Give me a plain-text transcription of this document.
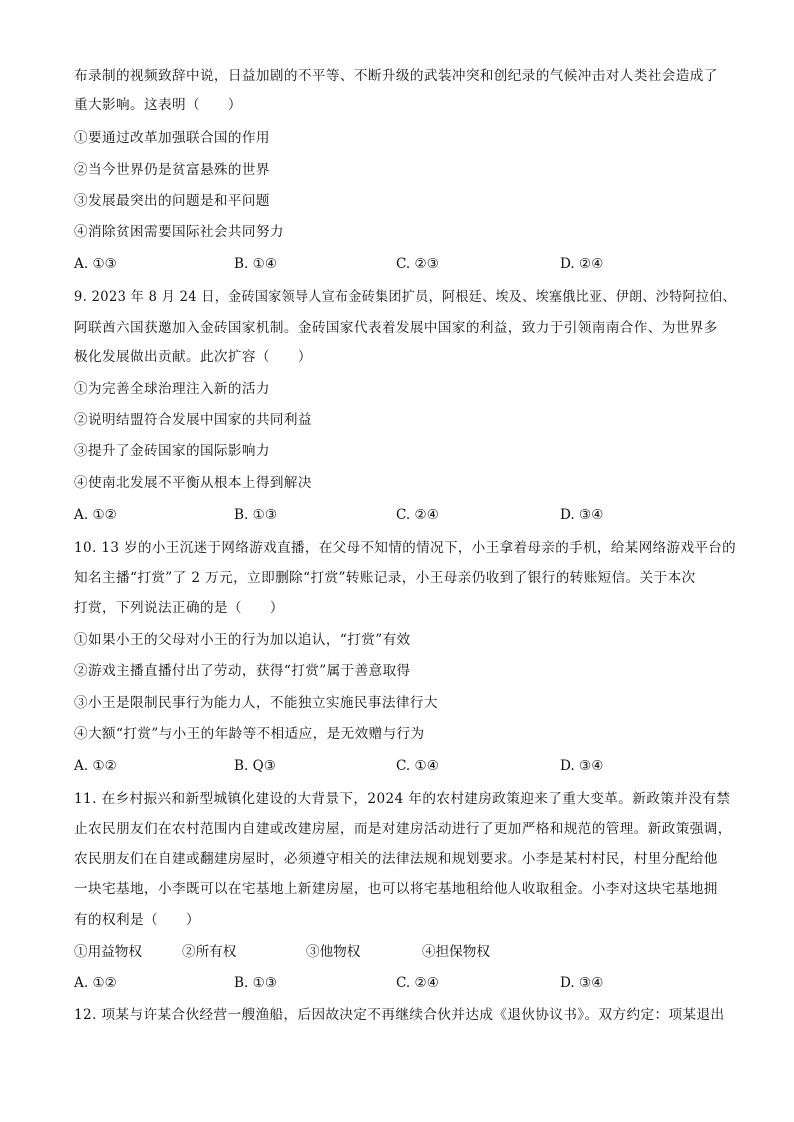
布录制的视频致辞中说，日益加剧的不平等、不断升级的武装冲突和创纪录的气候冲击对人类社会造成了
重大影响。这表明（　　）
①要通过改革加强联合国的作用
②当今世界仍是贫富悬殊的世界
③发展最突出的问题是和平问题
④消除贫困需要国际社会共同努力
A. ①③	B. ①④	C. ②③	D. ②④
9. 2023 年 8 月 24 日，金砖国家领导人宣布金砖集团扩员，阿根廷、埃及、埃塞俄比亚、伊朗、沙特阿拉伯、
阿联酋六国获邀加入金砖国家机制。金砖国家代表着发展中国家的利益，致力于引领南南合作、为世界多
极化发展做出贡献。此次扩容（　　）
①为完善全球治理注入新的活力
②说明结盟符合发展中国家的共同利益
③提升了金砖国家的国际影响力
④使南北发展不平衡从根本上得到解决
A. ①②	B. ①③	C. ②④	D. ③④
10. 13 岁的小王沉迷于网络游戏直播，在父母不知情的情况下，小王拿着母亲的手机，给某网络游戏平台的
知名主播“打赏”了 2 万元，立即删除“打赏”转账记录，小王母亲仍收到了银行的转账短信。关于本次
打赏，下列说法正确的是（　　）
①如果小王的父母对小王的行为加以追认，“打赏”有效
②游戏主播直播付出了劳动，获得“打赏”属于善意取得
③小王是限制民事行为能力人，不能独立实施民事法律行大
④大额“打赏”与小王的年龄等不相适应，是无效赠与行为
A. ①②	B. Q③	C. ①④	D. ③④
11. 在乡村振兴和新型城镇化建设的大背景下，2024 年的农村建房政策迎来了重大变革。新政策并没有禁
止农民朋友们在农村范围内自建或改建房屋，而是对建房活动进行了更加严格和规范的管理。新政策强调，
农民朋友们在自建或翻建房屋时，必须遵守相关的法律法规和规划要求。小李是某村村民，村里分配给他
一块宅基地，小李既可以在宅基地上新建房屋，也可以将宅基地租给他人收取租金。小李对这块宅基地拥
有的权利是（　　）
①用益物权	②所有权	③他物权	④担保物权
A. ①②	B. ①③	C. ②④	D. ③④
12. 项某与许某合伙经营一艘渔船，后因故决定不再继续合伙并达成《退伙协议书》。双方约定：项某退出
